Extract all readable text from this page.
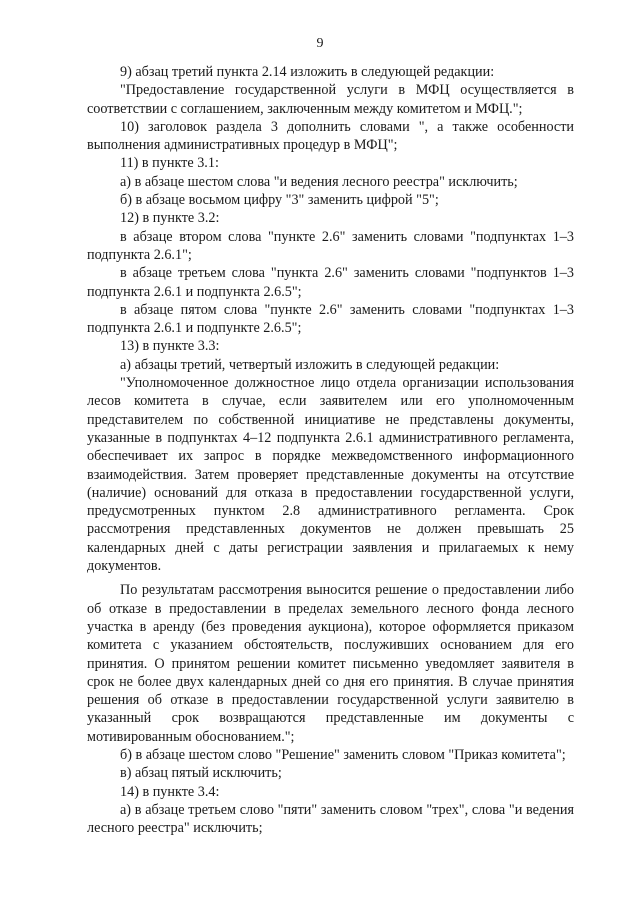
9

9) абзац третий пункта 2.14 изложить в следующей редакции:

"Предоставление государственной услуги в МФЦ осуществляется в соответствии с соглашением, заключенным между комитетом и МФЦ.";

10) заголовок раздела 3 дополнить словами ", а также особенности выполнения административных процедур в МФЦ";

11) в пункте 3.1:

а) в абзаце шестом слова "и ведения лесного реестра" исключить;

б) в абзаце восьмом цифру "3" заменить цифрой "5";

12) в пункте 3.2:

в абзаце втором слова "пункте 2.6" заменить словами "подпунктах 1–3 подпункта 2.6.1";

в абзаце третьем слова "пункта 2.6" заменить словами "подпунктов 1–3 подпункта 2.6.1 и подпункта 2.6.5";

в абзаце пятом слова "пункте 2.6" заменить словами "подпунктах 1–3 подпункта 2.6.1 и подпункте 2.6.5";

13) в пункте 3.3:

а) абзацы третий, четвертый изложить в следующей редакции:

"Уполномоченное должностное лицо отдела организации использования лесов комитета в случае, если заявителем или его уполномоченным представителем по собственной инициативе не представлены документы, указанные в подпунктах 4–12 подпункта 2.6.1 административного регламента, обеспечивает их запрос в порядке межведомственного информационного взаимодействия. Затем проверяет представленные документы на отсутствие (наличие) оснований для отказа в предоставлении государственной услуги, предусмотренных пунктом 2.8 административного регламента. Срок рассмотрения представленных документов не должен превышать 25 календарных дней с даты регистрации заявления и прилагаемых к нему документов.

По результатам рассмотрения выносится решение о предоставлении либо об отказе в предоставлении в пределах земельного лесного фонда лесного участка в аренду (без проведения аукциона), которое оформляется приказом комитета с указанием обстоятельств, послуживших основанием для его принятия. О принятом решении комитет письменно уведомляет заявителя в срок не более двух календарных дней со дня его принятия. В случае принятия решения об отказе в предоставлении государственной услуги заявителю в указанный срок возвращаются представленные им документы с мотивированным обоснованием.";

б) в абзаце шестом слово "Решение" заменить словом "Приказ комитета";

в) абзац пятый исключить;

14) в пункте 3.4:

а) в абзаце третьем слово "пяти" заменить словом "трех", слова "и ведения лесного реестра" исключить;
